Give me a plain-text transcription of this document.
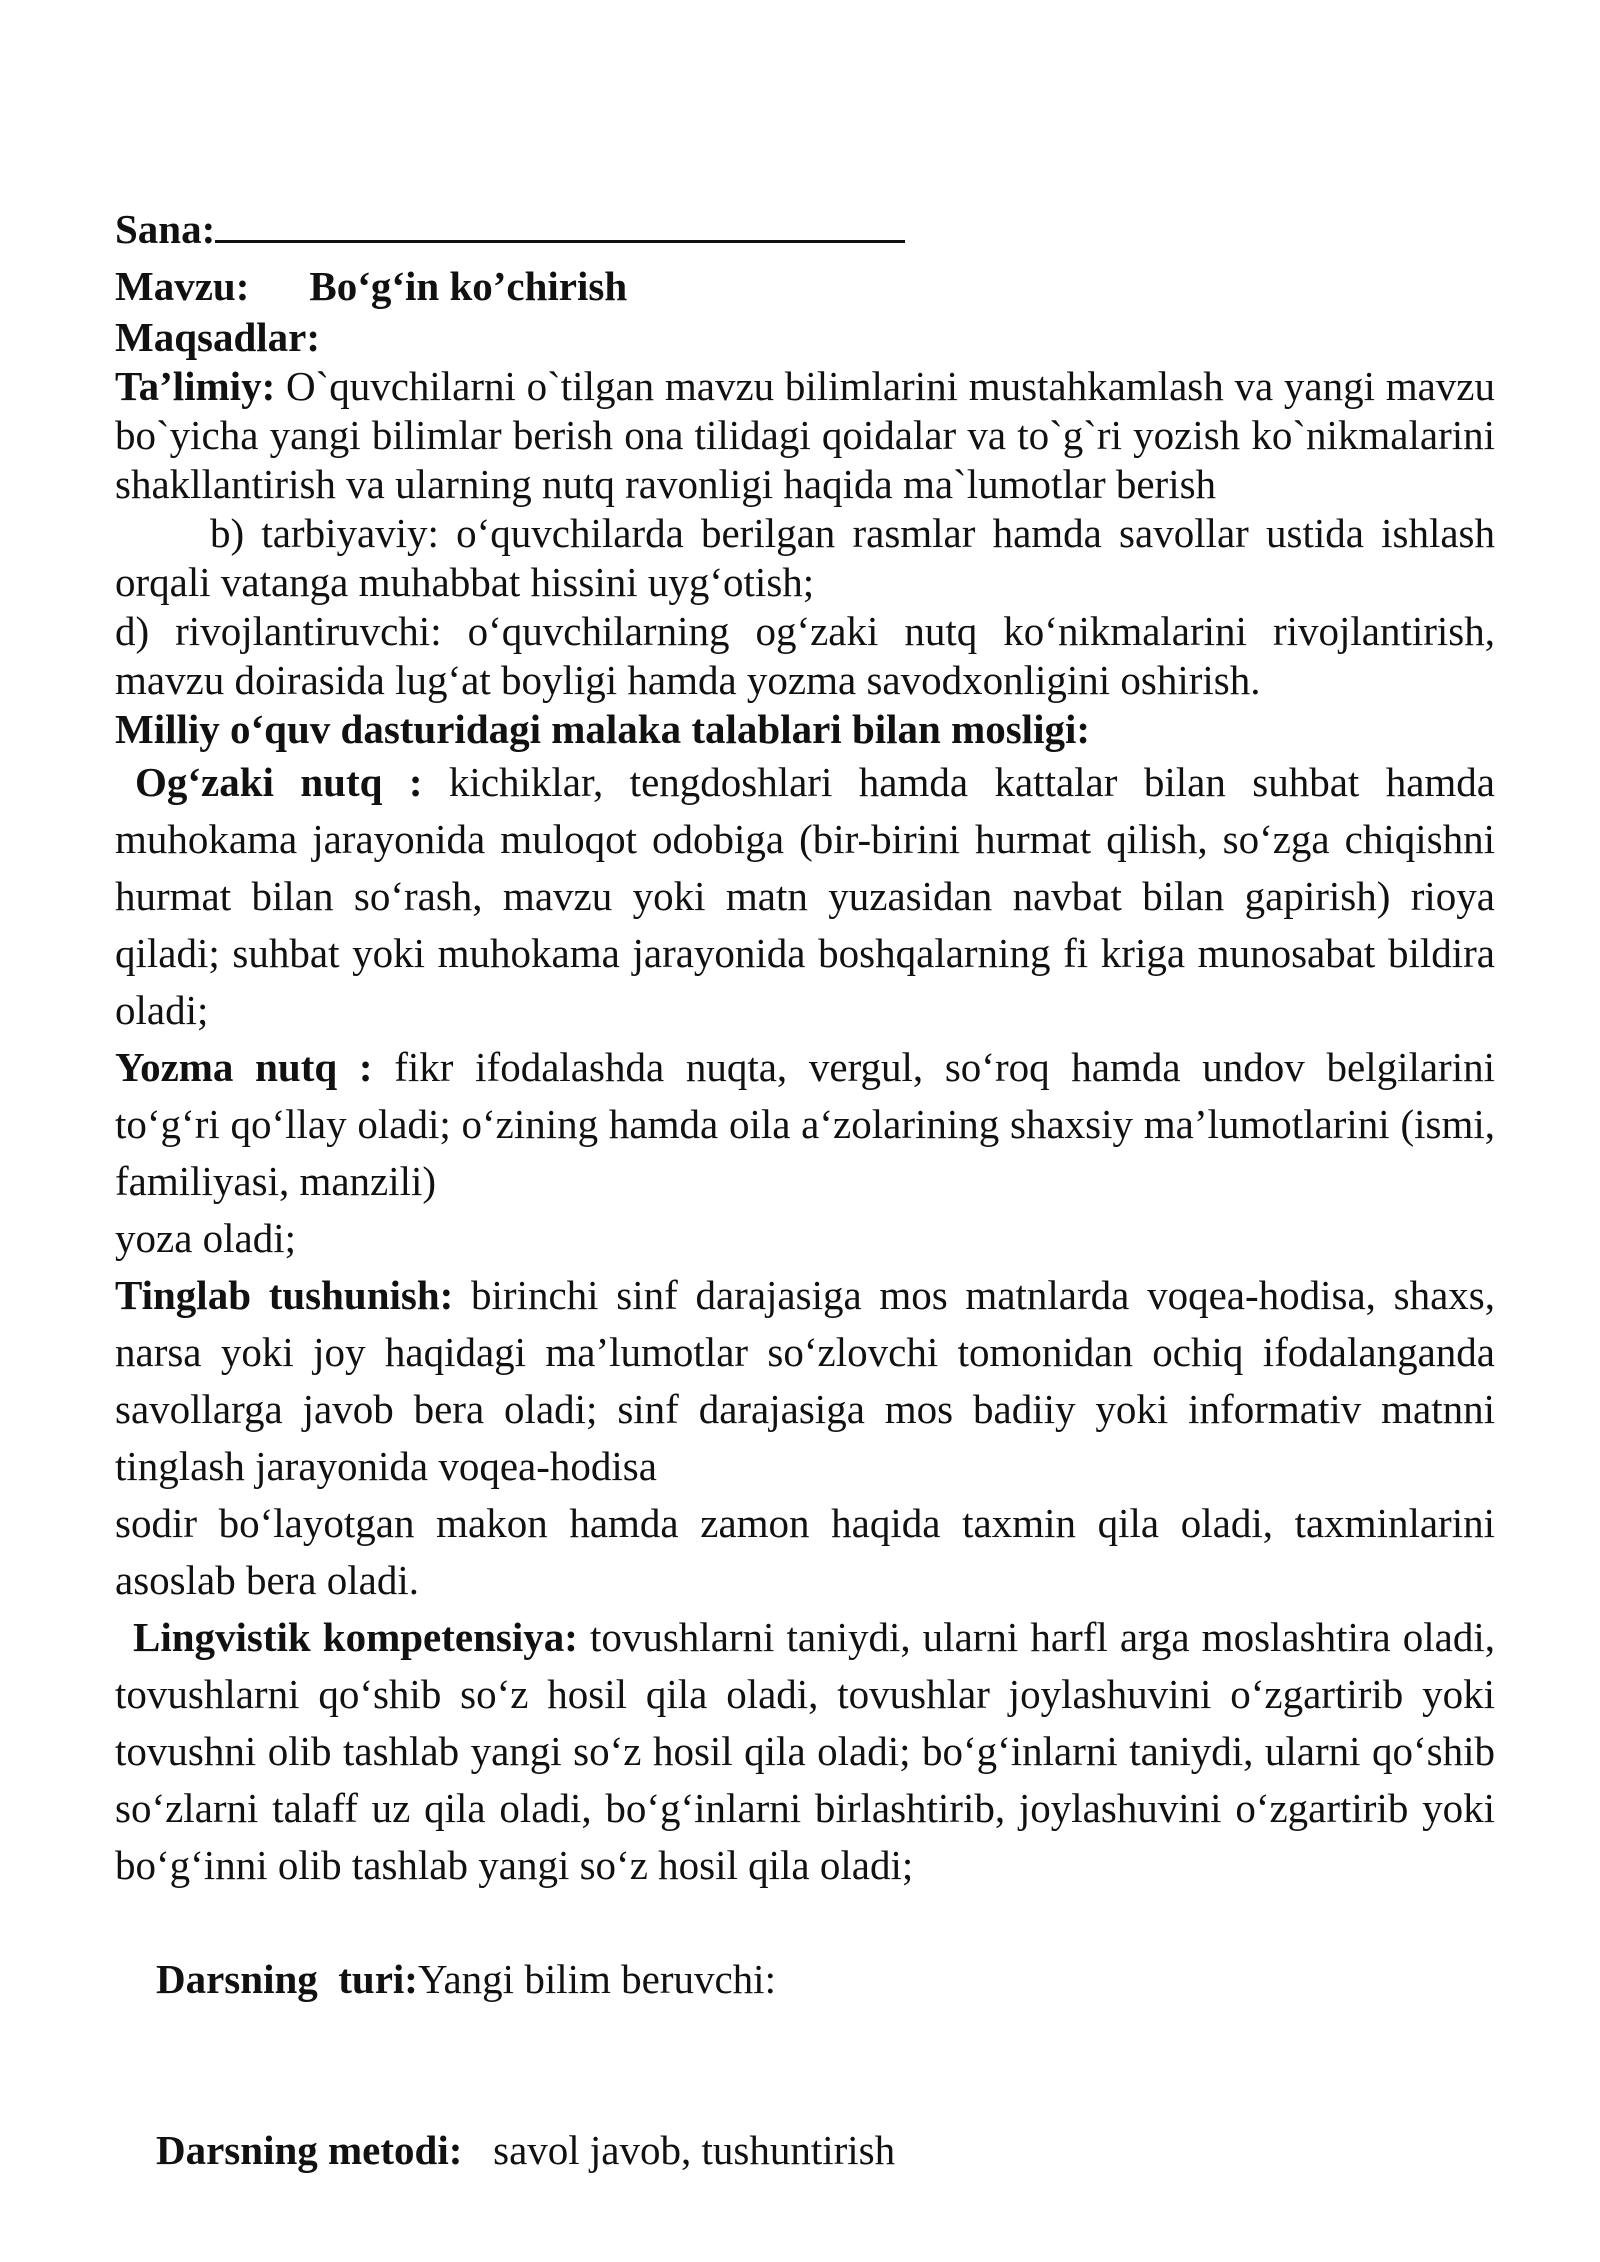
Sana:

Mavzu: Bo‘g‘in ko’chirish

Maqsadlar:

Ta’limiy: O`quvchilarni o`tilgan mavzu bilimlarini mustahkamlash va yangi mavzu bo`yicha yangi bilimlar berish ona tilidagi qoidalar va to`g`ri yozish ko`nikmalarini shakllantirish va ularning nutq ravonligi haqida ma`lumotlar berish

b) tarbiyaviy: o‘quvchilarda berilgan rasmlar hamda savollar ustida ishlash orqali vatanga muhabbat hissini uyg‘otish;

d) rivojlantiruvchi: o‘quvchilarning og‘zaki nutq ko‘nikmalarini rivojlantirish, mavzu doirasida lug‘at boyligi hamda yozma savodxonligini oshirish.

Milliy o‘quv dasturidagi malaka talablari bilan mosligi:

Og‘zaki nutq : kichiklar, tengdoshlari hamda kattalar bilan suhbat hamda muhokama jarayonida muloqot odobiga (bir-birini hurmat qilish, so‘zga chiqishni hurmat bilan so‘rash, mavzu yoki matn yuzasidan navbat bilan gapirish) rioya qiladi; suhbat yoki muhokama jarayonida boshqalarning fi kriga munosabat bildira oladi;

Yozma nutq : fikr ifodalashda nuqta, vergul, so‘roq hamda undov belgilarini to‘g‘ri qo‘llay oladi; o‘zining hamda oila a‘zolarining shaxsiy ma’lumotlarini (ismi, familiyasi, manzili)

yoza oladi;

Tinglab tushunish: birinchi sinf darajasiga mos matnlarda voqea-hodisa, shaxs, narsa yoki joy haqidagi ma’lumotlar so‘zlovchi tomonidan ochiq ifodalanganda savollarga javob bera oladi; sinf darajasiga mos badiiy yoki informativ matnni tinglash jarayonida voqea-hodisa

sodir bo‘layotgan makon hamda zamon haqida taxmin qila oladi, taxminlarini asoslab bera oladi.

Lingvistik kompetensiya: tovushlarni taniydi, ularni harfl arga moslashtira oladi, tovushlarni qo‘shib so‘z hosil qila oladi, tovushlar joylashuvini o‘zgartirib yoki tovushni olib tashlab yangi so‘z hosil qila oladi; bo‘g‘inlarni taniydi, ularni qo‘shib so‘zlarni talaff uz qila oladi, bo‘g‘inlarni birlashtirib, joylashuvini o‘zgartirib yoki bo‘g‘inni olib tashlab yangi so‘z hosil qila oladi;

Darsning  turi:Yangi bilim beruvchi:

Darsning metodi:   savol javob, tushuntirish
